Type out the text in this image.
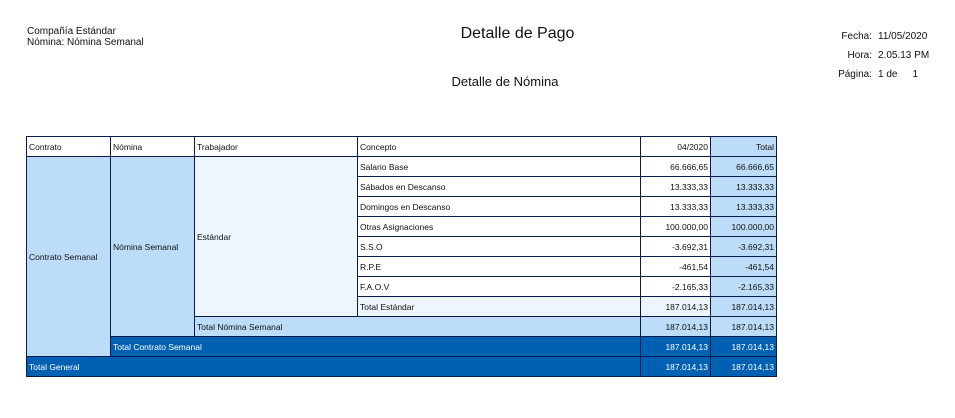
Compañía Estándar
Nómina: Nómina Semanal
Detalle de Pago
Detalle de Nómina
Fecha: 11/05/2020
Hora: 2.05.13 PM
Página: 1 de 1
Contrato	Nómina	Trabajador	Concepto	04/2020	Total
Contrato Semanal	Nómina Semanal	Estándar	Salario Base	66.666,65	66.666,65
			Sábados en Descanso	13.333,33	13.333,33
			Domingos en Descanso	13.333,33	13.333,33
			Otras Asignaciones	100.000,00	100.000,00
			S.S.O	-3.692,31	-3.692,31
			R.P.E	-461,54	-461,54
			F.A.O.V	-2.165,33	-2.165,33
			Total Estándar	187.014,13	187.014,13
		Total Nómina Semanal		187.014,13	187.014,13
	Total Contrato Semanal			187.014,13	187.014,13
Total General				187.014,13	187.014,13
